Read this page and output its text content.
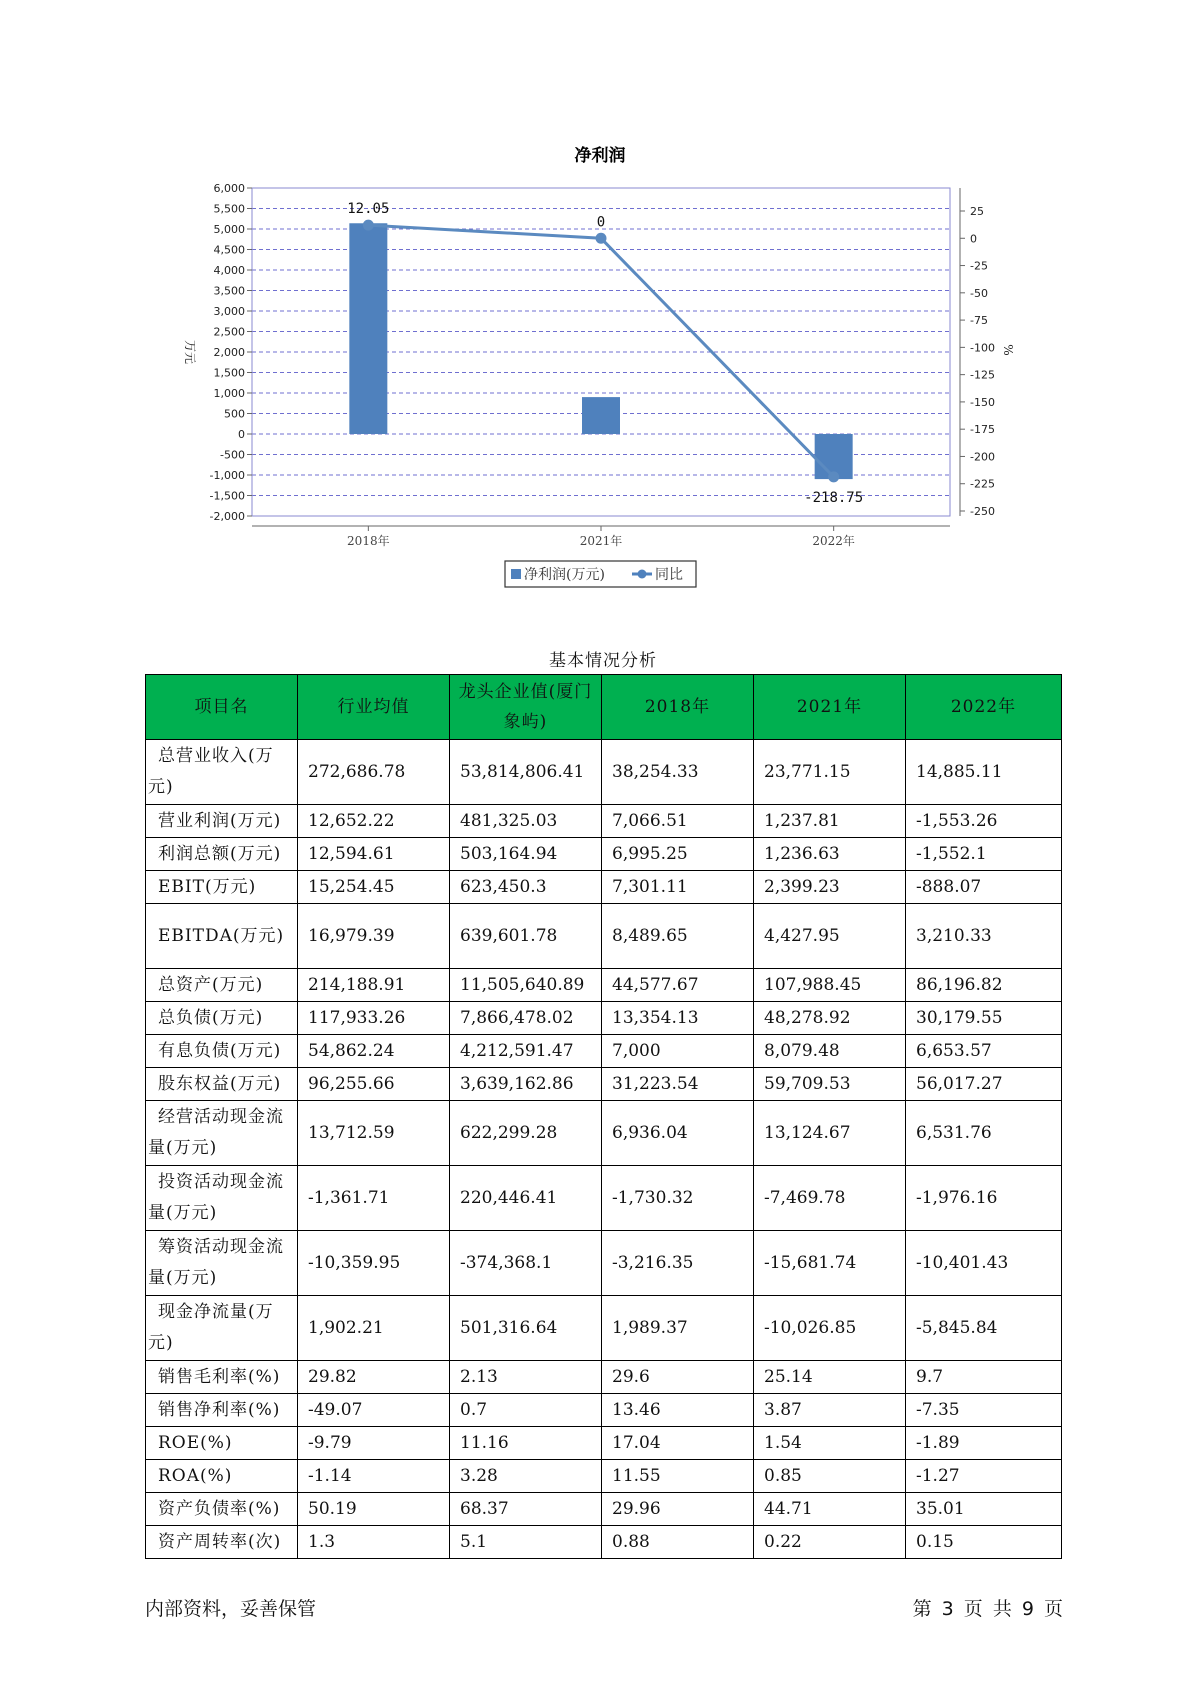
净利润
6,000
5,500
5,000
4,500
4,000
3,500
3,000
2,500
2,000
1,500
1,000
500
0
-500
-1,000
-1,500
-2,000
25
0
-25
-50
-75
-100
-125
-150
-175
-200
-225
-250
2018年	2021年	2022年
12.05
0
-218.75
万元	%
净利润(万元)	同比
基本情况分析
项目名	行业均值	龙头企业值(厦门象屿)	2018年	2021年	2022年
总营业收入(万元)	272,686.78	53,814,806.41	38,254.33	23,771.15	14,885.11
营业利润(万元)	12,652.22	481,325.03	7,066.51	1,237.81	-1,553.26
利润总额(万元)	12,594.61	503,164.94	6,995.25	1,236.63	-1,552.1
EBIT(万元)	15,254.45	623,450.3	7,301.11	2,399.23	-888.07
EBITDA(万元)	16,979.39	639,601.78	8,489.65	4,427.95	3,210.33
总资产(万元)	214,188.91	11,505,640.89	44,577.67	107,988.45	86,196.82
总负债(万元)	117,933.26	7,866,478.02	13,354.13	48,278.92	30,179.55
有息负债(万元)	54,862.24	4,212,591.47	7,000	8,079.48	6,653.57
股东权益(万元)	96,255.66	3,639,162.86	31,223.54	59,709.53	56,017.27
经营活动现金流量(万元)	13,712.59	622,299.28	6,936.04	13,124.67	6,531.76
投资活动现金流量(万元)	-1,361.71	220,446.41	-1,730.32	-7,469.78	-1,976.16
筹资活动现金流量(万元)	-10,359.95	-374,368.1	-3,216.35	-15,681.74	-10,401.43
现金净流量(万元)	1,902.21	501,316.64	1,989.37	-10,026.85	-5,845.84
销售毛利率(%)	29.82	2.13	29.6	25.14	9.7
销售净利率(%)	-49.07	0.7	13.46	3.87	-7.35
ROE(%)	-9.79	11.16	17.04	1.54	-1.89
ROA(%)	-1.14	3.28	11.55	0.85	-1.27
资产负债率(%)	50.19	68.37	29.96	44.71	35.01
资产周转率(次)	1.3	5.1	0.88	0.22	0.15
内部资料，妥善保管	第 3 页 共 9 页
